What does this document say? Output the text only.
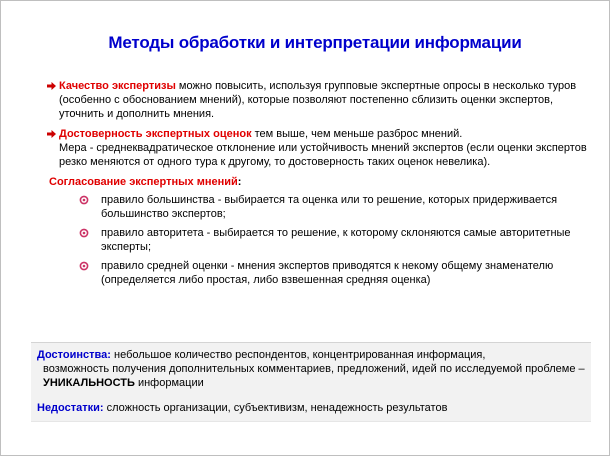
Методы обработки и интерпретации информации

Качество экспертизы можно повысить, используя групповые экспертные опросы в несколько туров (особенно с обоснованием мнений), которые позволяют постепенно сблизить оценки экспертов, уточнить и дополнить мнения.

Достоверность экспертных оценок тем выше, чем меньше разброс мнений.
Мера - среднеквадратическое отклонение или устойчивость мнений экспертов (если оценки экспертов резко меняются от одного тура к другому, то достоверность таких оценок невелика).

Согласование экспертных мнений:
правило большинства - выбирается та оценка или то решение, которых придерживается большинство экспертов;
правило авторитета - выбирается то решение, к которому склоняются самые авторитетные эксперты;
правило средней оценки - мнения экспертов приводятся к некому общему знаменателю (определяется либо простая, либо взвешенная средняя оценка)
Достоинства: небольшое количество респондентов, концентрированная информация,
возможность получения дополнительных комментариев, предложений, идей по исследуемой проблеме – УНИКАЛЬНОСТЬ информации
Недостатки: сложность организации, субъективизм, ненадежность результатов
